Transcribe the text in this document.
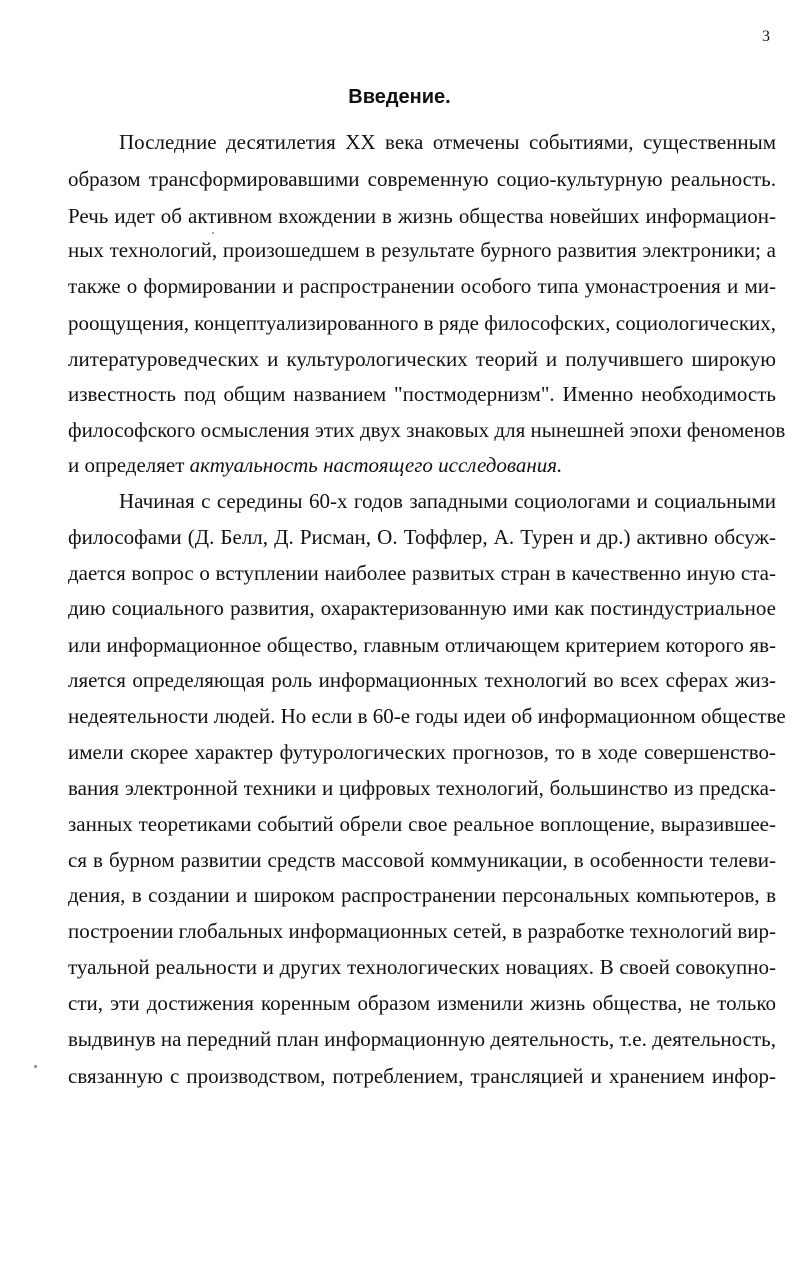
3
Введение.
Последние десятилетия XX века отмечены событиями, существенным
образом трансформировавшими современную социо-культурную реальность.
Речь идет об активном вхождении в жизнь общества новейших информацион-
ных технологий, произошедшем в результате бурного развития электроники; а
также о формировании и распространении особого типа умонастроения и ми-
роощущения, концептуализированного в ряде философских, социологических,
литературоведческих и культурологических теорий и получившего широкую
известность под общим названием "постмодернизм". Именно необходимость
философского осмысления этих двух знаковых для нынешней эпохи феноменов
и определяет актуальность настоящего исследования.
Начиная с середины 60-х годов западными социологами и социальными
философами (Д. Белл, Д. Рисман, О. Тоффлер, А. Турен и др.) активно обсуж-
дается вопрос о вступлении наиболее развитых стран в качественно иную ста-
дию социального развития, охарактеризованную ими как постиндустриальное
или информационное общество, главным отличающем критерием которого яв-
ляется определяющая роль информационных технологий во всех сферах жиз-
недеятельности людей. Но если в 60-е годы идеи об информационном обществе
имели скорее характер футурологических прогнозов, то в ходе совершенство-
вания электронной техники и цифровых технологий, большинство из предска-
занных теоретиками событий обрели свое реальное воплощение, выразившее-
ся в бурном развитии средств массовой коммуникации, в особенности телеви-
дения, в создании и широком распространении персональных компьютеров, в
построении глобальных информационных сетей, в разработке технологий вир-
туальной реальности и других технологических новациях. В своей совокупно-
сти, эти достижения коренным образом изменили жизнь общества, не только
выдвинув на передний план информационную деятельность, т.е. деятельность,
связанную с производством, потреблением, трансляцией и хранением инфор-
